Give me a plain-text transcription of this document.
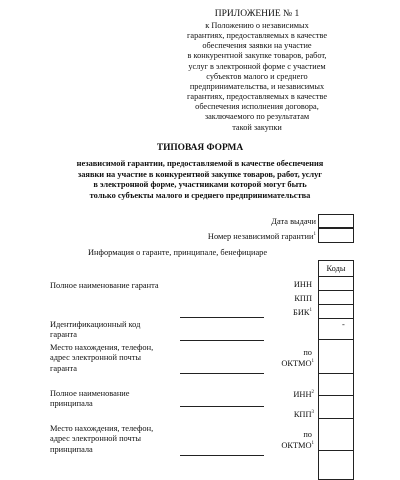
ПРИЛОЖЕНИЕ № 1
к Положению о независимых
гарантиях, предоставляемых в качестве
обеспечения заявки на участие
в конкурентной закупке товаров, работ,
услуг в электронной форме с участием
субъектов малого и среднего
предпринимательства, и независимых
гарантиях, предоставляемых в качестве
обеспечения исполнения договора,
заключаемого по результатам
такой закупки
ТИПОВАЯ ФОРМА
независимой гарантии, предоставляемой в качестве обеспечения
заявки на участие в конкурентной закупке товаров, работ, услуг
в электронной форме, участниками которой могут быть
только субъекты малого и среднего предпринимательства
Дата выдачи
Номер независимой гарантии$^1$
Информация о гаранте, принципале, бенефициаре
Коды
Полное наименование гаранта	ИНН
КПП
БИК$^1$
Идентификационный код
гаранта
-
Место нахождения, телефон,
адрес электронной почты
гаранта
по
ОКТМО$^1$
Полное наименование
принципала
ИНН$^2$
КПП$^3$
Место нахождения, телефон,
адрес электронной почты
принципала
по
ОКТМО$^1$
